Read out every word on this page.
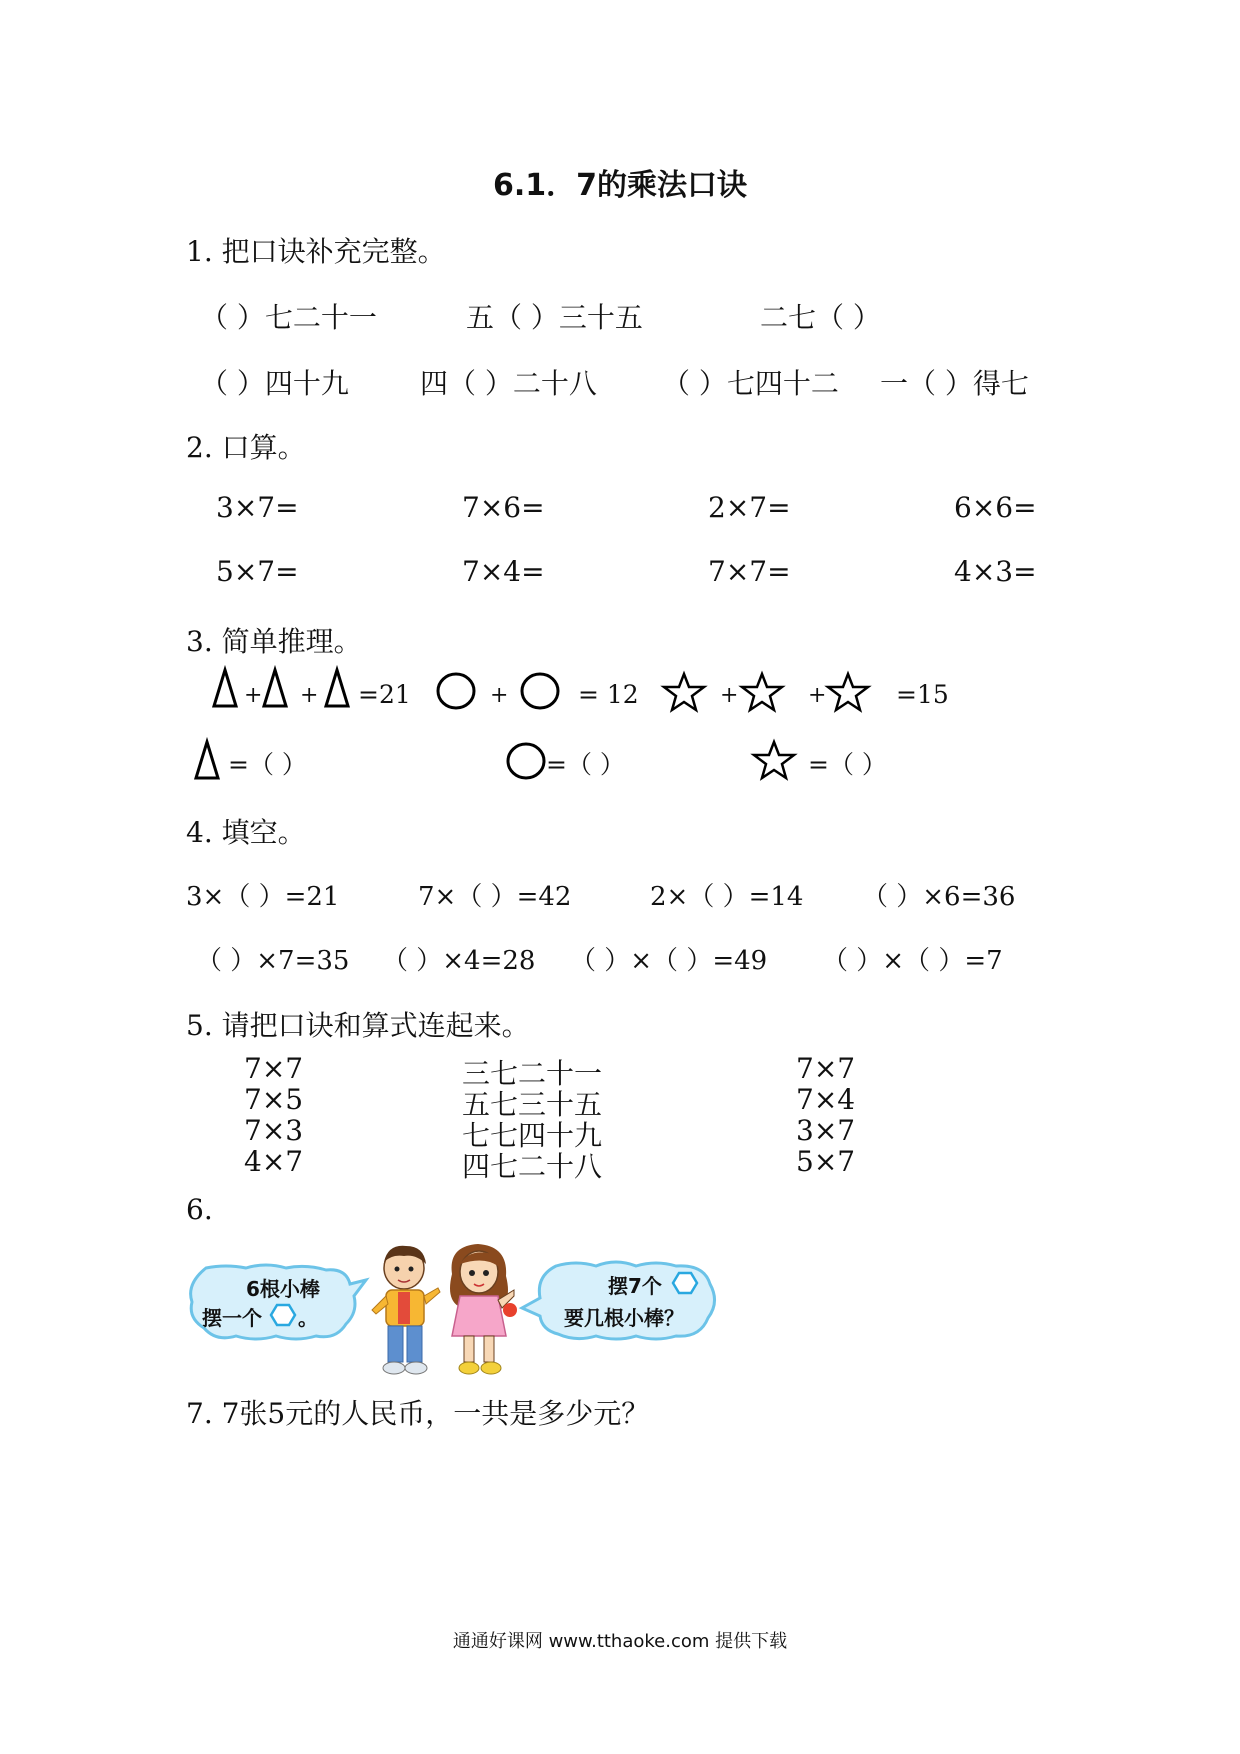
6.1．7的乘法口诀
1. 把口诀补充完整。
（ ）七二十一	五（ ）三十五	二七（ ）
（ ）四十九	四（ ）二十八 （ ）七四十二 一（ ）得七
2. 口算。
3×7=	7×6=	2×7=	6×6=
5×7=	7×4=	7×7=	4×3=
3. 简单推理。
+ + =21	+	= 12	+	+	=15
=（ ）	=（ ）	=（ ）
4. 填空。
3×（ ）=21	7×（ ）=42	2×（ ）=14 （ ）×6=36
（ ）×7=35 （ ）×4=28 （ ）×（ ）=49 （ ）×（ ）=7
5. 请把口诀和算式连起来。
7×7
7×5
7×3
4×7
三七二十一
五七三十五
七七四十九
四七二十八
7×7
7×4
3×7
5×7
6.
6根小棒
摆一个 。
摆7个
要几根小棒？
7. 7张5元的人民币，一共是多少元？
通通好课网 www.tthaoke.com 提供下载
